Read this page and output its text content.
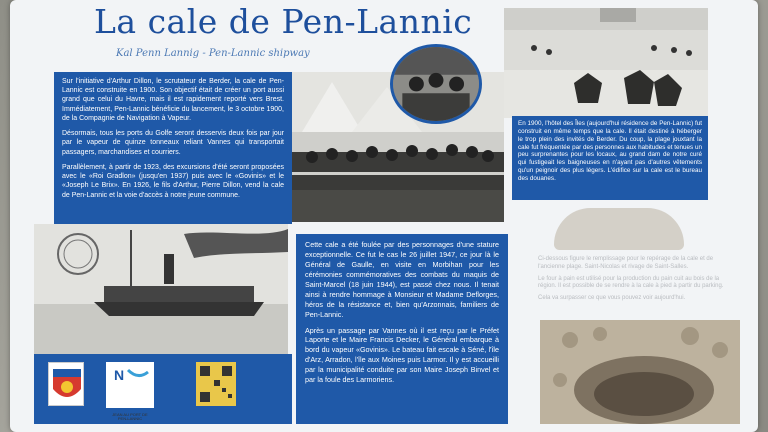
La cale de Pen-Lannic
Kal Penn Lannig - Pen-Lannic shipway

Sur l'initiative d'Arthur Dillon, le scrutateur de Berder, la cale de Pen-Lannic est construite en 1900. Son objectif était de créer un port aussi grand que celui du Havre, mais il est rapidement reporté vers Brest. Immédiatement, Pen-Lannic bénéficie du lancement, le 3 octobre 1900, de la Compagnie de Navigation à Vapeur.

Désormais, tous les ports du Golfe seront desservis deux fois par jour par le vapeur de quinze tonneaux reliant Vannes qui transportait passagers, marchandises et courriers.

Parallèlement, à partir de 1923, des excursions d'été seront proposées avec le «Roi Gradlon» (jusqu'en 1937) puis avec le «Govinis» et le «Joseph Le Brix». En 1926, le fils d'Arthur, Pierre Dillon, vend la cale de Pen-Lannic et la voie d'accès à notre jeune commune.

En 1900, l'hôtel des Îles (aujourd'hui résidence de Pen-Lannic) fut construit en même temps que la cale. Il était destiné à héberger le trop plein des invités de Berder. Du coup, la plage jouxtant la cale fut fréquentée par des personnes aux habitudes et tenues un peu surprenantes pour les locaux, au grand dam de notre curé qui fustigeait les baigneuses en n'ayant pas d'autres vêtements qu'un peignoir des plus légers. L'édifice sur la cale est le bureau des douanes.

N
JEAN AU PORT DE PEN-LANNIC

Cette cale a été foulée par des personnages d'une stature exceptionnelle. Ce fut le cas le 26 juillet 1947, ce jour là le Général de Gaulle, en visite en Morbihan pour les cérémonies commémoratives des combats du maquis de Saint-Marcel (18 juin 1944), est passé chez nous. Il tenait ainsi à rendre hommage à Monsieur et Madame Deflorges, héros de la résistance et, bien qu'Arzonnais, familiers de Pen-Lannic.

Après un passage par Vannes où il est reçu par le Préfet Laporte et le Maire Francis Decker, le Général embarque à bord du vapeur «Govinis». Le bateau fait escale à Séné, l'île d'Arz, Arradon, l'île aux Moines puis Larmor. Il y est accueilli par la municipalité conduite par son Maire Joseph Binvel et par la foule des Larmoriens.

Ci-dessous figure le remplissage pour le repérage de la cale et de l'ancienne plage. Saint-Nicolas et rivage de Saint-Salles.

Le four à pain est utilisé pour la production du pain cuit au bois de la région. Il est possible de se rendre à la cale à pied à partir du parking.

Cela va surpasser ce que vous pouvez voir aujourd'hui.
